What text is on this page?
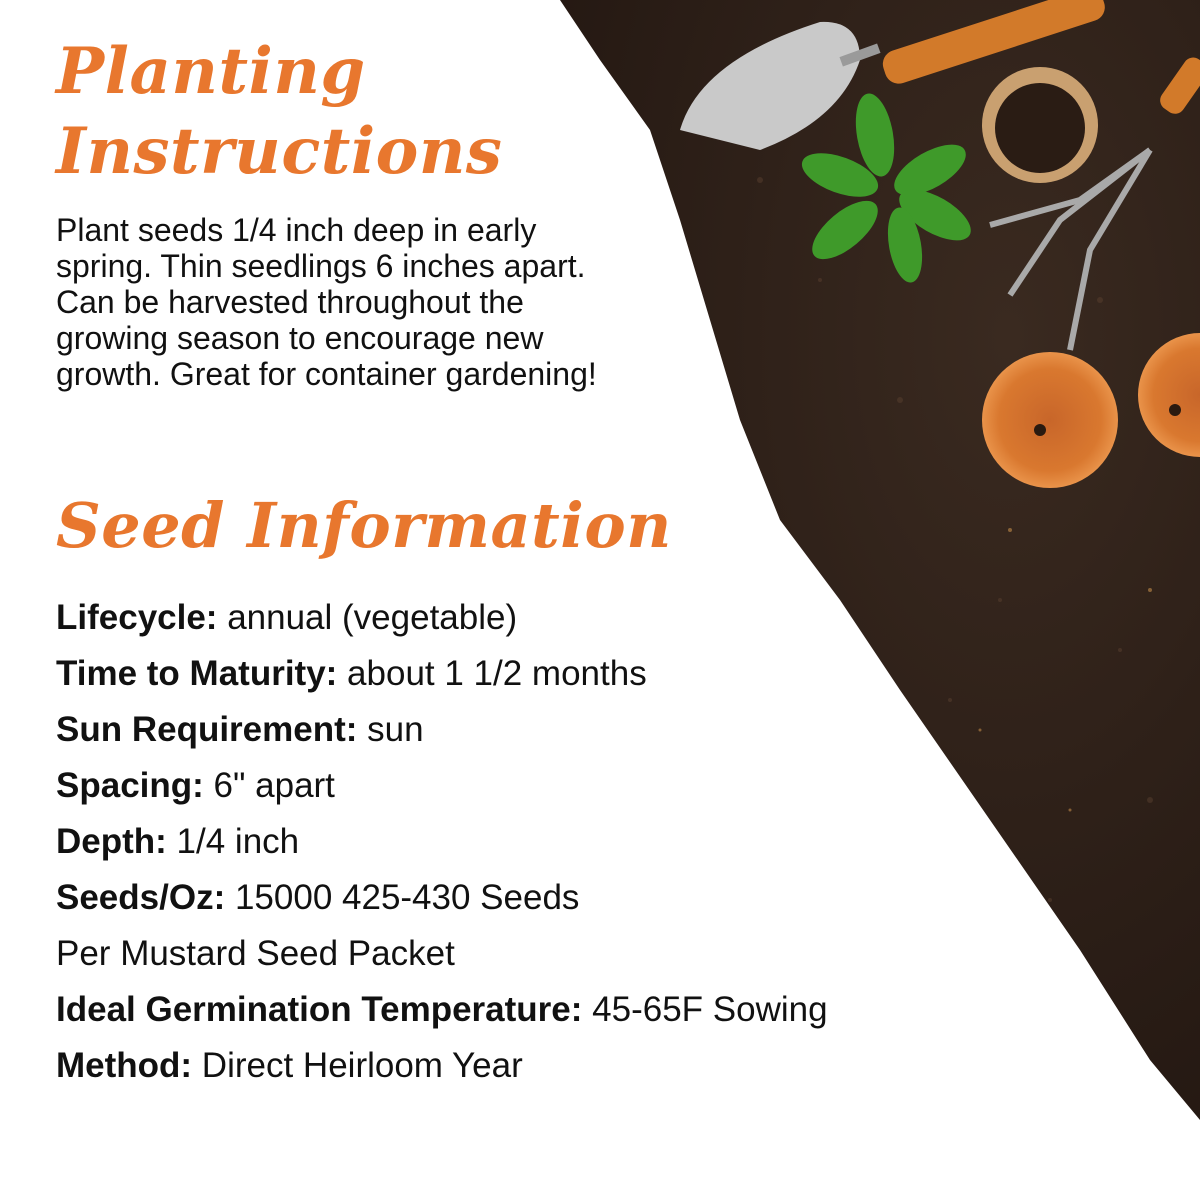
Planting
Instructions

Plant seeds 1/4 inch deep in early spring. Thin seedlings 6 inches apart. Can be harvested throughout the growing season to encourage new growth. Great for container gardening!

Seed Information
Lifecycle: annual (vegetable)
Time to Maturity: about 1 1/2 months
Sun Requirement: sun
Spacing: 6" apart
Depth: 1/4 inch
Seeds/Oz: 15000 425-430 Seeds
Per Mustard Seed Packet
Ideal Germination Temperature: 45-65F Sowing
Method: Direct Heirloom Year
